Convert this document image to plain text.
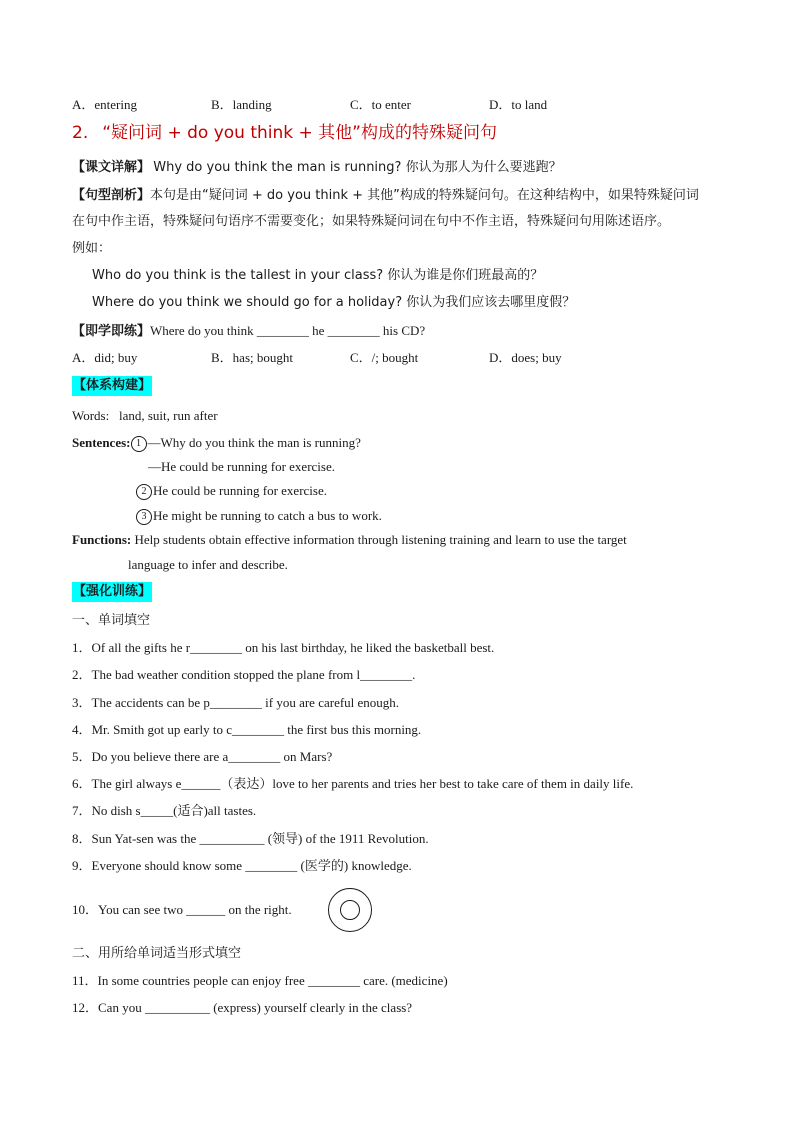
A．entering	B．landing	C．to enter	D．to land
2. “疑问词 + do you think + 其他”构成的特殊疑问句
【课文详解】 Why do you think the man is running? 你认为那人为什么要逃跑？
【句型剖析】本句是由“疑问词 + do you think + 其他”构成的特殊疑问句。在这种结构中，如果特殊疑问词
在句中作主语，特殊疑问句语序不需要变化；如果特殊疑问词在句中不作主语，特殊疑问句用陈述语序。
例如：
Who do you think is the tallest in your class? 你认为谁是你们班最高的？
Where do you think we should go for a holiday? 你认为我们应该去哪里度假？
【即学即练】Where do you think ________ he ________ his CD?
A．did; buy	B．has; bought	C．/; bought	D．does; buy
【体系构建】
Words: land, suit, run after
Sentences: 1 —Why do you think the man is running?
—He could be running for exercise.
2 He could be running for exercise.
3 He might be running to catch a bus to work.
Functions: Help students obtain effective information through listening training and learn to use the target
language to infer and describe.
【强化训练】
一、单词填空
1．Of all the gifts he r________ on his last birthday, he liked the basketball best.
2．The bad weather condition stopped the plane from l________.
3．The accidents can be p________ if you are careful enough.
4．Mr. Smith got up early to c________ the first bus this morning.
5．Do you believe there are a________ on Mars?
6．The girl always e______（表达）love to her parents and tries her best to take care of them in daily life.
7．No dish s_____(适合)all tastes.
8．Sun Yat-sen was the __________ (领导) of the 1911 Revolution.
9．Everyone should know some ________ (医学的) knowledge.
10．You can see two ______ on the right.
二、用所给单词适当形式填空
11．In some countries people can enjoy free ________ care. (medicine)
12．Can you __________ (express) yourself clearly in the class?
